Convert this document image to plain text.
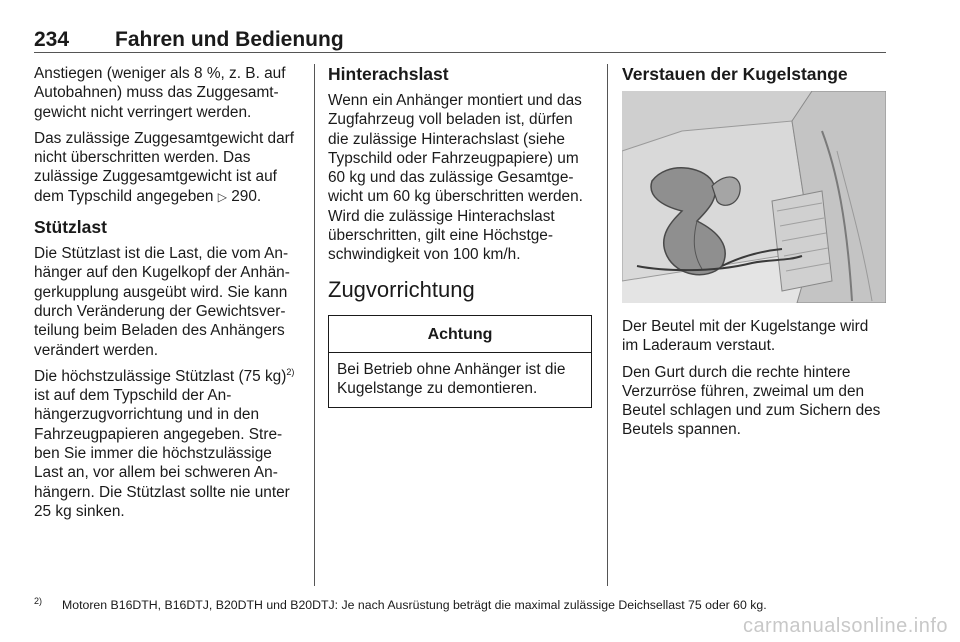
234 Fahren und Bedienung

Anstiegen (weniger als 8 %, z. B. auf Autobahnen) muss das Zuggesamtgewicht nicht verringert werden.

Das zulässige Zuggesamtgewicht darf nicht überschritten werden. Das zulässige Zuggesamtgewicht ist auf dem Typschild angegeben ▷ 290.

Stützlast

Die Stützlast ist die Last, die vom Anhänger auf den Kugelkopf der Anhängerkupplung ausgeübt wird. Sie kann durch Veränderung der Gewichtsverteilung beim Beladen des Anhängers verändert werden.

Die höchstzulässige Stützlast (75 kg)$^{2)}$ ist auf dem Typschild der Anhängerzugvorrichtung und in den Fahrzeugpapieren angegeben. Streben Sie immer die höchstzulässige Last an, vor allem bei schweren Anhängern. Die Stützlast sollte nie unter 25 kg sinken.

Hinterachslast

Wenn ein Anhänger montiert und das Zugfahrzeug voll beladen ist, dürfen die zulässige Hinterachslast (siehe Typschild oder Fahrzeugpapiere) um 60 kg und das zulässige Gesamtgewicht um 60 kg überschritten werden. Wird die zulässige Hinterachslast überschritten, gilt eine Höchstgeschwindigkeit von 100 km/h.

Zugvorrichtung
Achtung
Bei Betrieb ohne Anhänger ist die Kugelstange zu demontieren.
Verstauen der Kugelstange

Der Beutel mit der Kugelstange wird im Laderaum verstaut.

Den Gurt durch die rechte hintere Verzurröse führen, zweimal um den Beutel schlagen und zum Sichern des Beutels spannen.

2) Motoren B16DTH, B16DTJ, B20DTH und B20DTJ: Je nach Ausrüstung beträgt die maximal zulässige Deichsellast 75 oder 60 kg.
carmanualsonline.info
